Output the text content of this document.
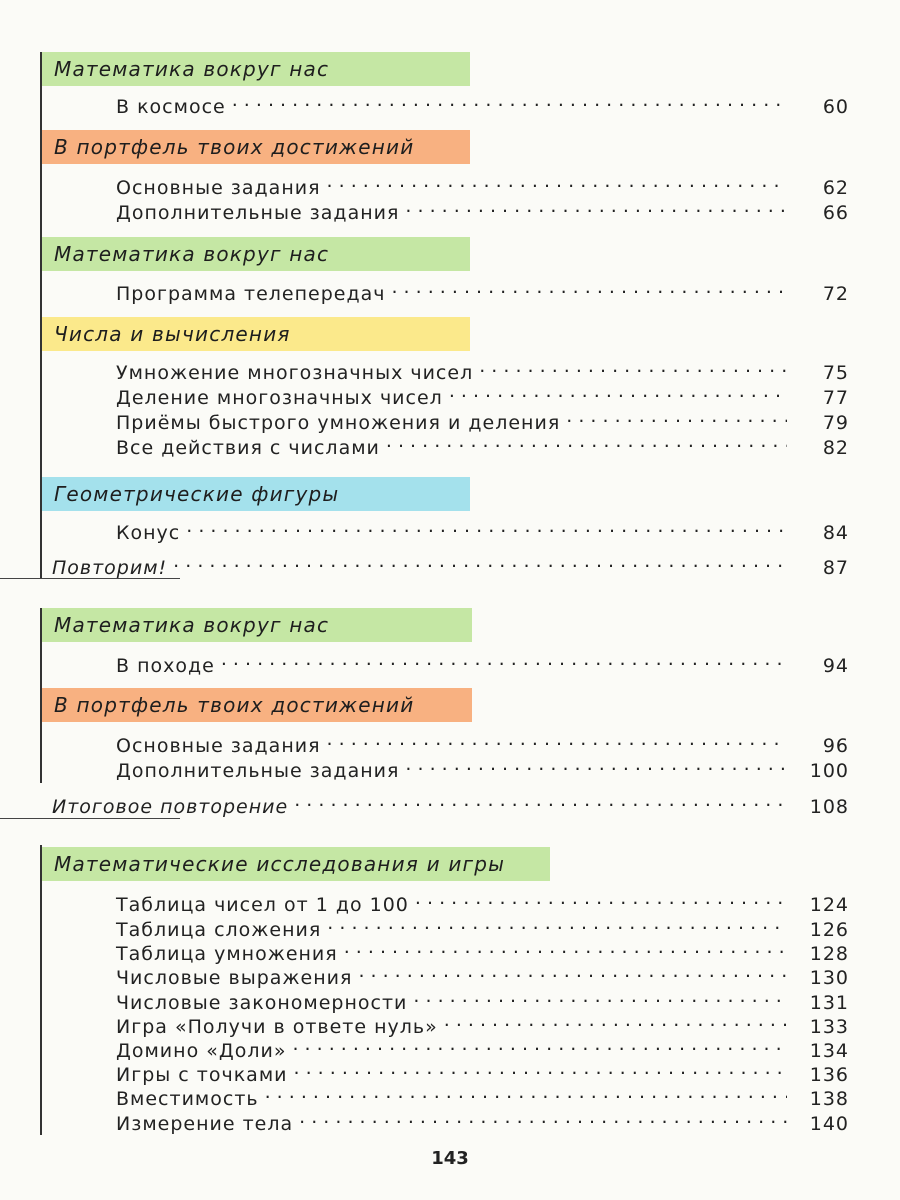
Математика вокруг нас
В космосе . . .	60
В портфель твоих достижений
Основные задания . . .	62
Дополнительные задания . . .	66
Математика вокруг нас
Программа телепередач . . .	72
Числа и вычисления
Умножение многозначных чисел . . .	75
Деление многозначных чисел . . .	77
Приёмы быстрого умножения и деления . . .	79
Все действия с числами . . .	82
Геометрические фигуры
Конус . . .	84
Повторим! . . .	87
Математика вокруг нас
В походе . . .	94
В портфель твоих достижений
Основные задания . . .	96
Дополнительные задания . . .	100
Итоговое повторение . . .	108
Математические исследования и игры
Таблица чисел от 1 до 100 . . .	124
Таблица сложения . . .	126
Таблица умножения . . .	128
Числовые выражения . . .	130
Числовые закономерности . . .	131
Игра «Получи в ответе нуль» . . .	133
Домино «Доли» . . .	134
Игры с точками . . .	136
Вместимость . . .	138
Измерение тела . . .	140
143
